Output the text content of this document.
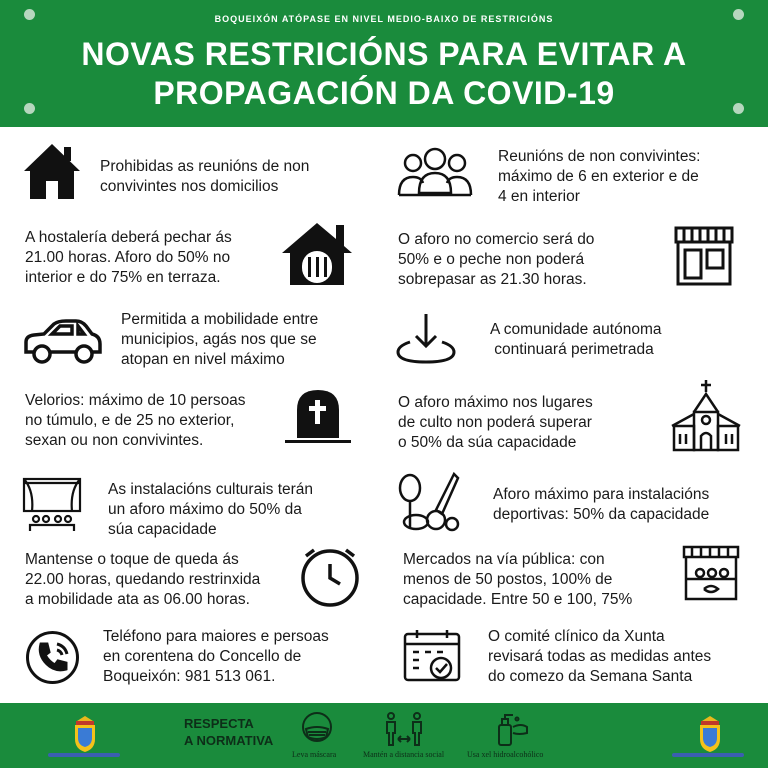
BOQUEIXÓN ATÓPASE EN NIVEL MEDIO-BAIXO DE RESTRICIÓNS
NOVAS RESTRICIÓNS PARA EVITAR A
PROPAGACIÓN DA COVID-19
Prohibidas as reunións de non
convivintes nos domicilios
Reunións de non convivintes:
máximo de 6 en exterior e de
4 en interior
A hostalería deberá pechar ás
21.00 horas. Aforo do 50% no
interior e do 75% en terraza.
O aforo no comercio será do
50% e o peche non poderá
sobrepasar as 21.30 horas.
Permitida a mobilidade entre
municipios, agás nos que se
atopan en nivel máximo
A comunidade autónoma
continuará perimetrada
Velorios: máximo de 10 persoas
no túmulo, e de 25 no exterior,
sexan ou non convivintes.
O aforo máximo nos lugares
de culto non poderá superar
o 50% da súa capacidade
As instalacións culturais terán
un aforo máximo do 50% da
súa capacidade
Aforo máximo para instalacións
deportivas: 50% da capacidade
Mantense o toque de queda ás
22.00 horas, quedando restrinxida
a mobilidade ata as 06.00 horas.
Mercados na vía pública: con
menos de 50 postos, 100% de
capacidade. Entre 50 e 100, 75%
Teléfono para maiores e persoas
en corentena do Concello de
Boqueixón: 981 513 061.
O comité clínico da Xunta
revisará todas as medidas antes
do comezo da Semana Santa
RESPECTA
A NORMATIVA
Leva máscara	Mantén a distancia social	Usa xel hidroalcohólico
